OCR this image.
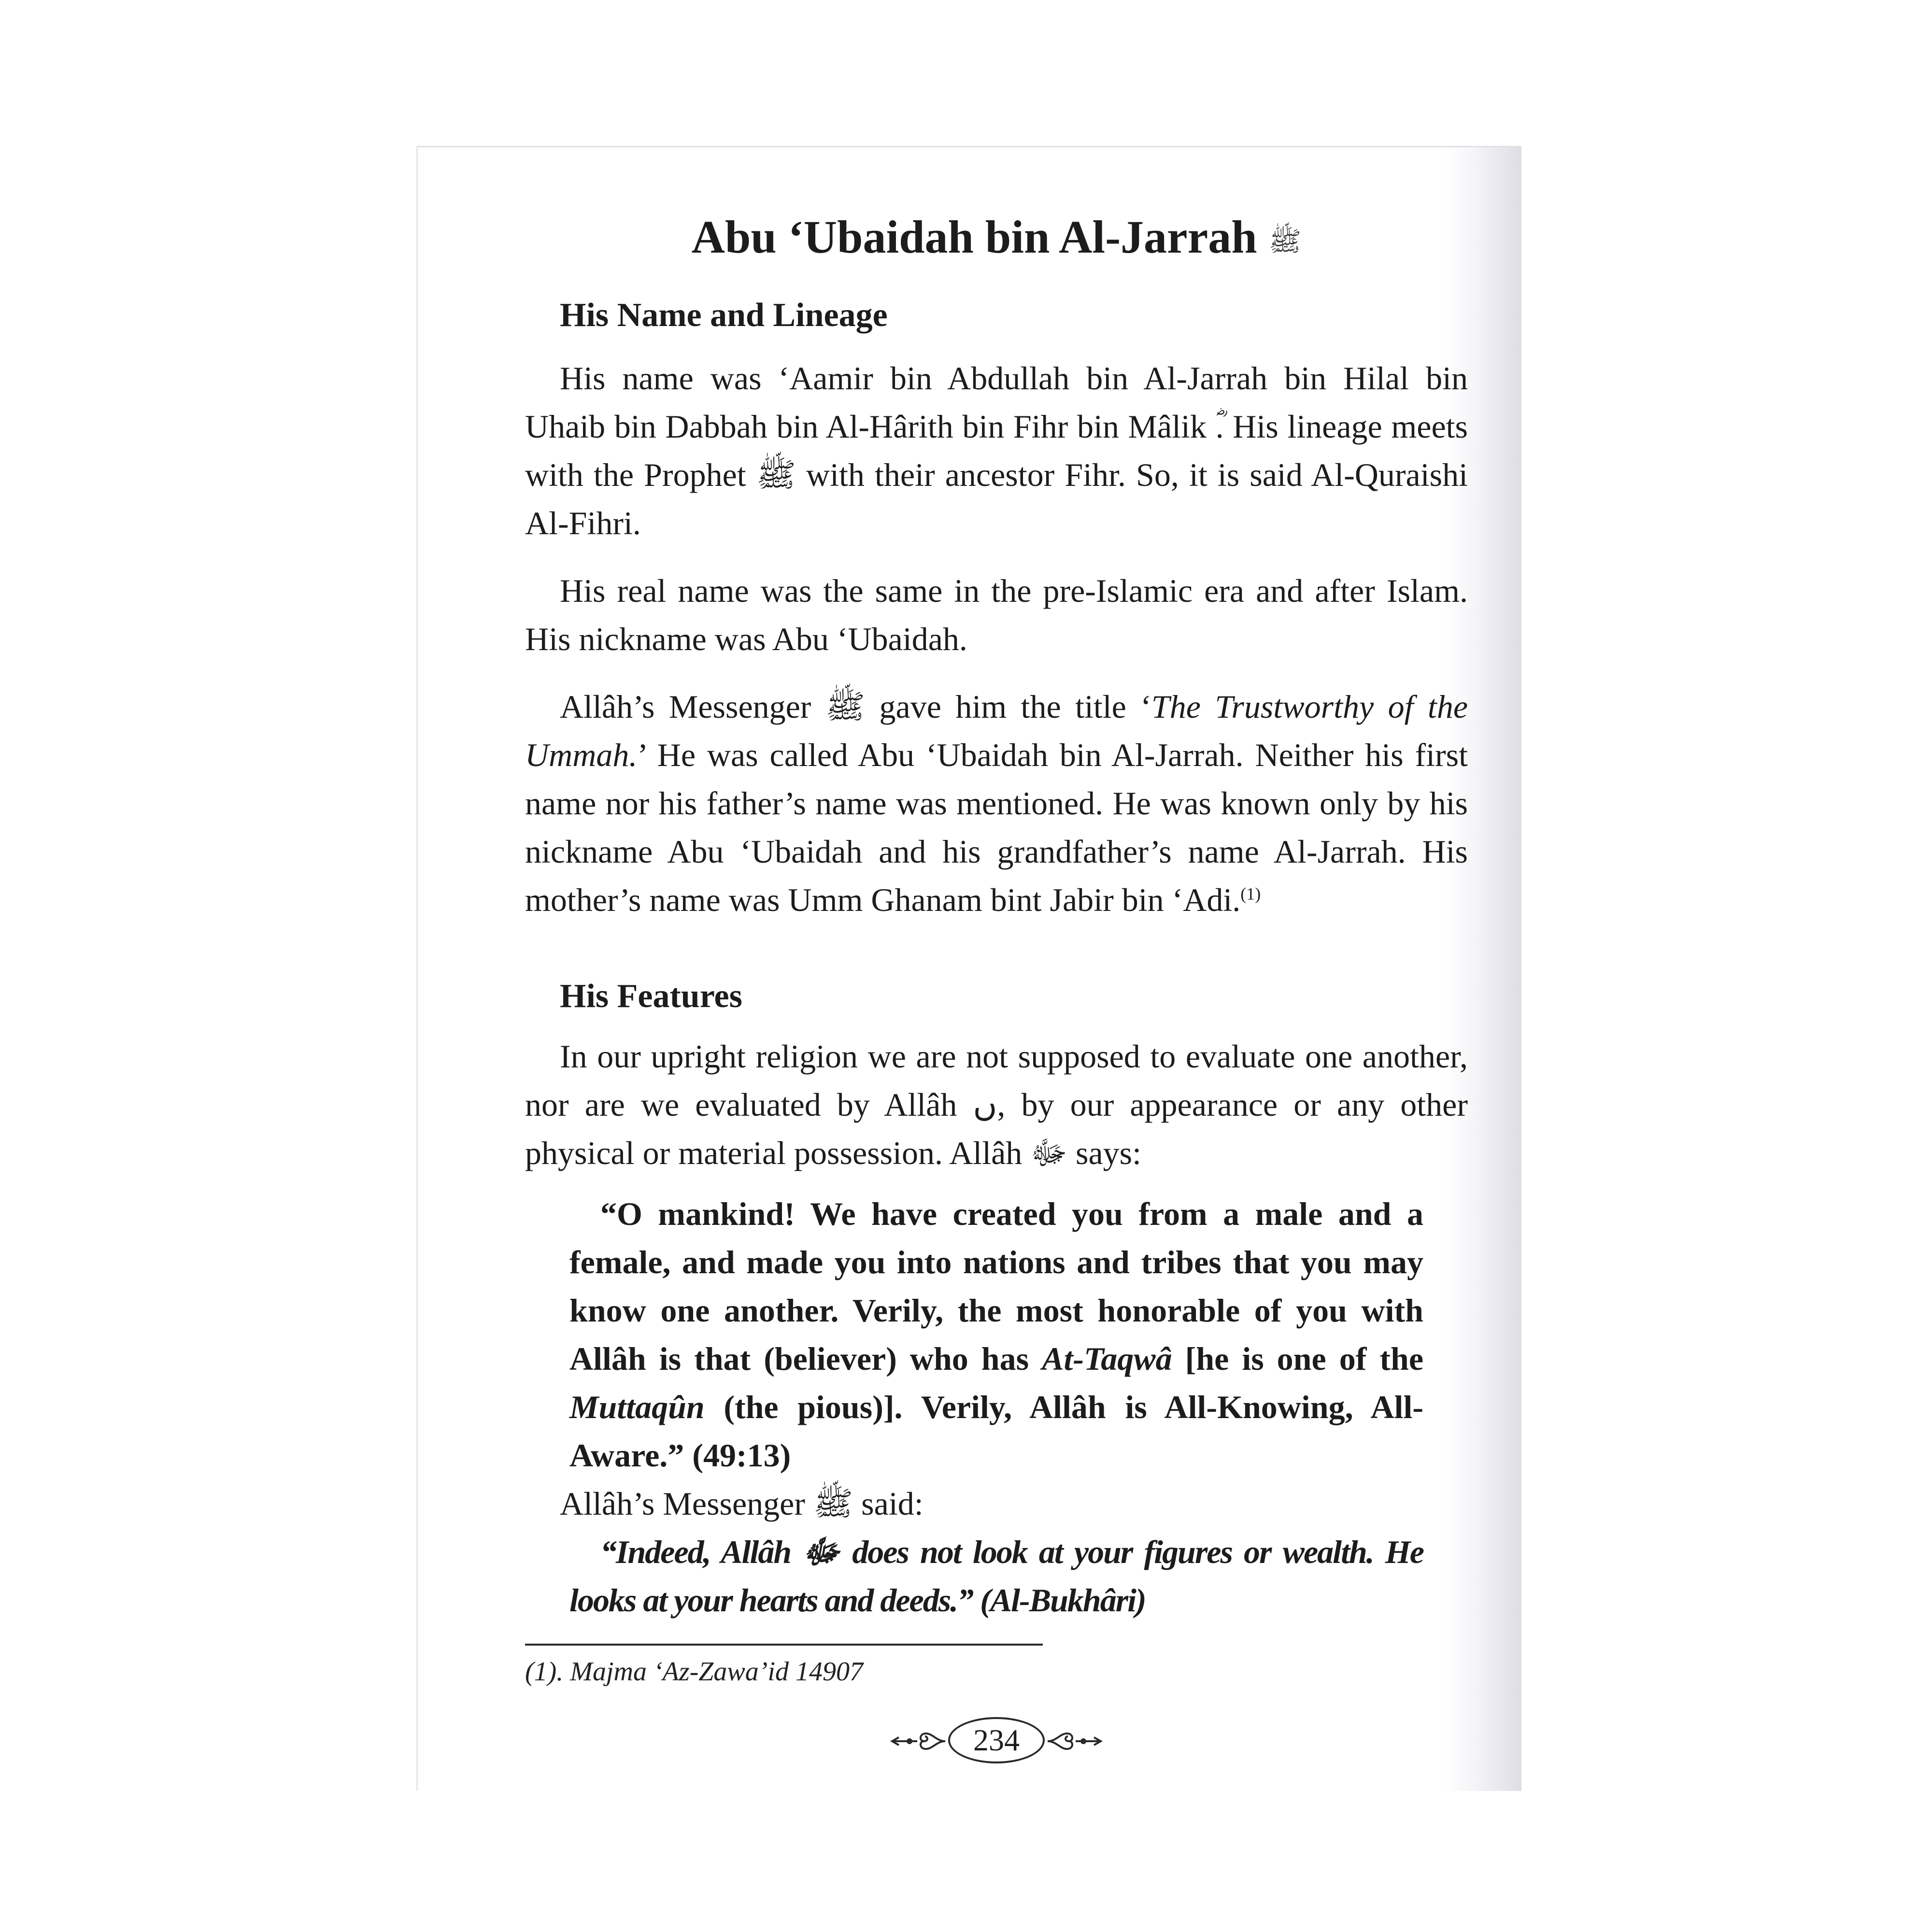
Abu ‘Ubaidah bin Al-Jarrah ﷺ
His Name and Lineage

His name was ‘Aamir bin Abdullah bin Al-Jarrah bin Hilal bin Uhaib bin Dabbah bin Al-Hârith bin Fihr bin Mâlik ؓ. His lineage meets with the Prophet ﷺ with their ancestor Fihr. So, it is said Al-Quraishi Al-Fihri.

His real name was the same in the pre-Islamic era and after Islam. His nickname was Abu ‘Ubaidah.

Allâh’s Messenger ﷺ gave him the title ‘The Trustworthy of the Ummah.’ He was called Abu ‘Ubaidah bin Al-Jarrah. Neither his first name nor his father’s name was mentioned. He was known only by his nickname Abu ‘Ubaidah and his grandfather’s name Al-Jarrah. His mother’s name was Umm Ghanam bint Jabir bin ‘Adi.$^{(1)}$

His Features

In our upright religion we are not supposed to evaluate one another, nor are we evaluated by Allâh ‏ں‏, by our appearance or any other physical or material possession. Allâh ﷻ says:

“O mankind! We have created you from a male and a female, and made you into nations and tribes that you may know one another. Verily, the most honorable of you with Allâh is that (believer) who has At-Taqwâ [he is one of the Muttaqûn (the pious)]. Verily, Allâh is All-Knowing, All-Aware.” (49:13)

Allâh’s Messenger ﷺ said:

“Indeed, Allâh ﷻ does not look at your figures or wealth. He looks at your hearts and deeds.” (Al-Bukhâri)

(1). Majma ‘Az-Zawa’id 14907
234
